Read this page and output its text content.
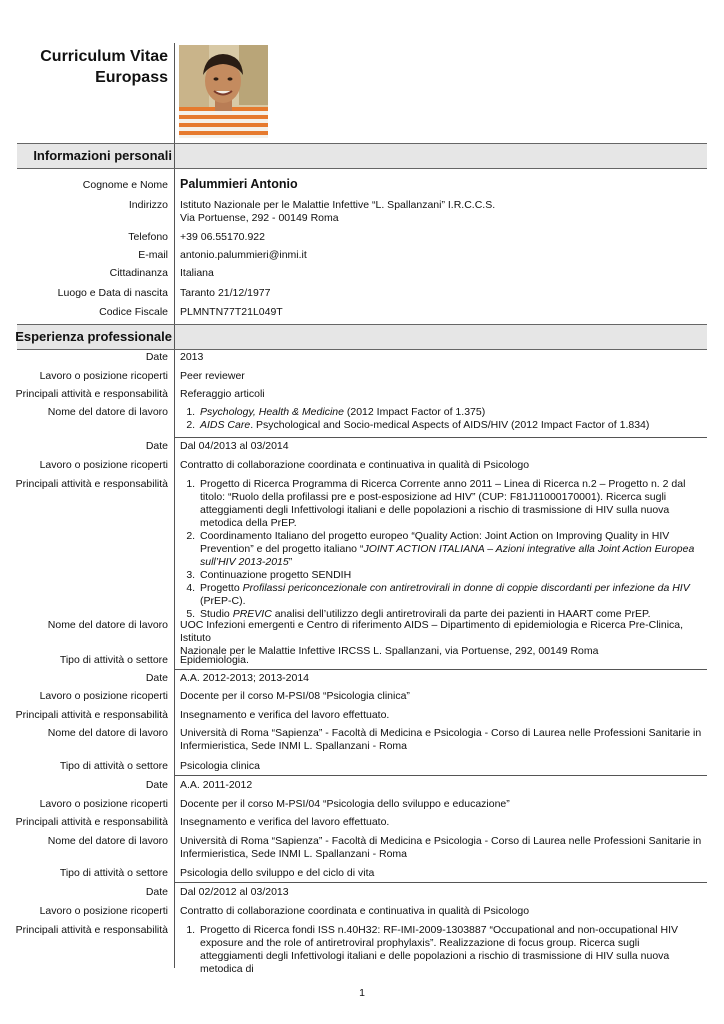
Curriculum Vitae
Europass
Informazioni personali
Cognome e Nome Palummieri Antonio
Indirizzo Istituto Nazionale per le Malattie Infettive “L. Spallanzani” I.R.C.C.S.
Via Portuense, 292 - 00149 Roma
Telefono +39 06.55170.922
E-mail antonio.palummieri@inmi.it
Cittadinanza Italiana
Luogo e Data di nascita Taranto 21/12/1977
Codice Fiscale PLMNTN77T21L049T
Esperienza professionale
Date 2013
Lavoro o posizione ricoperti Peer reviewer
Principali attività e responsabilità Referaggio articoli
Nome del datore di lavoro	1. Psychology, Health & Medicine (2012 Impact Factor of 1.375)
2. AIDS Care. Psychological and Socio-medical Aspects of AIDS/HIV (2012 Impact Factor of 1.834)
Date Dal 04/2013 al 03/2014
Lavoro o posizione ricoperti Contratto di collaborazione coordinata e continuativa in qualità di Psicologo
Principali attività e responsabilità	1. Progetto di Ricerca Programma di Ricerca Corrente anno 2011 – Linea di Ricerca n.2 – Progetto n. 2 dal titolo: “Ruolo della profilassi pre e post-esposizione ad HIV” (CUP: F81J11000170001). Ricerca sugli atteggiamenti degli Infettivologi italiani e delle popolazioni a rischio di trasmissione di HIV sulla nuova metodica della PrEP.
2. Coordinamento Italiano del progetto europeo “Quality Action: Joint Action on Improving Quality in HIV Prevention” e del progetto italiano “JOINT ACTION ITALIANA – Azioni integrative alla Joint Action Europea sull’HIV 2013-2015”
3. Continuazione progetto SENDIH
4. Progetto Profilassi periconcezionale con antiretrovirali in donne di coppie discordanti per infezione da HIV (PrEP-C).
5. Studio PREVIC analisi dell’utilizzo degli antiretrovirali da parte dei pazienti in HAART come PrEP.
Nome del datore di lavoro UOC Infezioni emergenti e Centro di riferimento AIDS – Dipartimento di epidemiologia e Ricerca Pre-Clinica, Istituto
Nazionale per le Malattie Infettive IRCSS L. Spallanzani, via Portuense, 292, 00149 Roma
Tipo di attività o settore Epidemiologia.
Date A.A. 2012-2013; 2013-2014
Lavoro o posizione ricoperti Docente per il corso M-PSI/08 “Psicologia clinica”
Principali attività e responsabilità Insegnamento e verifica del lavoro effettuato.
Nome del datore di lavoro Università di Roma “Sapienza” - Facoltà di Medicina e Psicologia - Corso di Laurea nelle Professioni Sanitarie in
Infermieristica, Sede INMI L. Spallanzani - Roma
Tipo di attività o settore Psicologia clinica
Date A.A. 2011-2012
Lavoro o posizione ricoperti Docente per il corso M-PSI/04 “Psicologia dello sviluppo e educazione”
Principali attività e responsabilità Insegnamento e verifica del lavoro effettuato.
Nome del datore di lavoro Università di Roma “Sapienza” - Facoltà di Medicina e Psicologia - Corso di Laurea nelle Professioni Sanitarie in
Infermieristica, Sede INMI L. Spallanzani - Roma
Tipo di attività o settore Psicologia dello sviluppo e del ciclo di vita
Date Dal 02/2012 al 03/2013
Lavoro o posizione ricoperti Contratto di collaborazione coordinata e continuativa in qualità di Psicologo
Principali attività e responsabilità	1. Progetto di Ricerca fondi ISS n.40H32: RF-IMI-2009-1303887 “Occupational and non-occupational HIV exposure and the role of antiretroviral prophylaxis”. Realizzazione di focus group. Ricerca sugli atteggiamenti degli Infettivologi italiani e delle popolazioni a rischio di trasmissione di HIV sulla nuova metodica di
1
